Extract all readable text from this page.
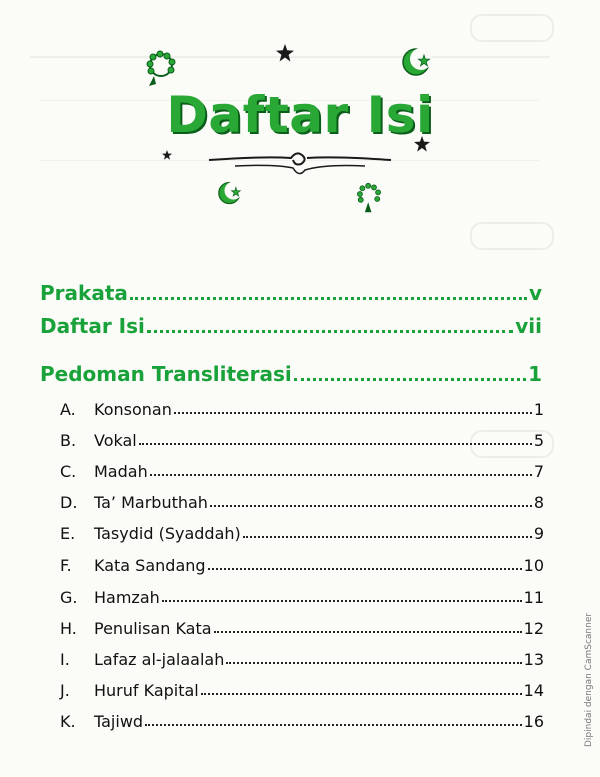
Daftar Isi
Prakata	v
Daftar Isi	vii
Pedoman Transliterasi	1
A. Konsonan	1
B. Vokal	5
C. Madah	7
D. Ta’ Marbuthah	8
E. Tasydid (Syaddah)	9
F. Kata Sandang	10
G. Hamzah	11
H. Penulisan Kata	12
I. Lafaz al-jalaalah	13
J. Huruf Kapital	14
K. Tajiwd	16	Dipindai dengan CamScanner
